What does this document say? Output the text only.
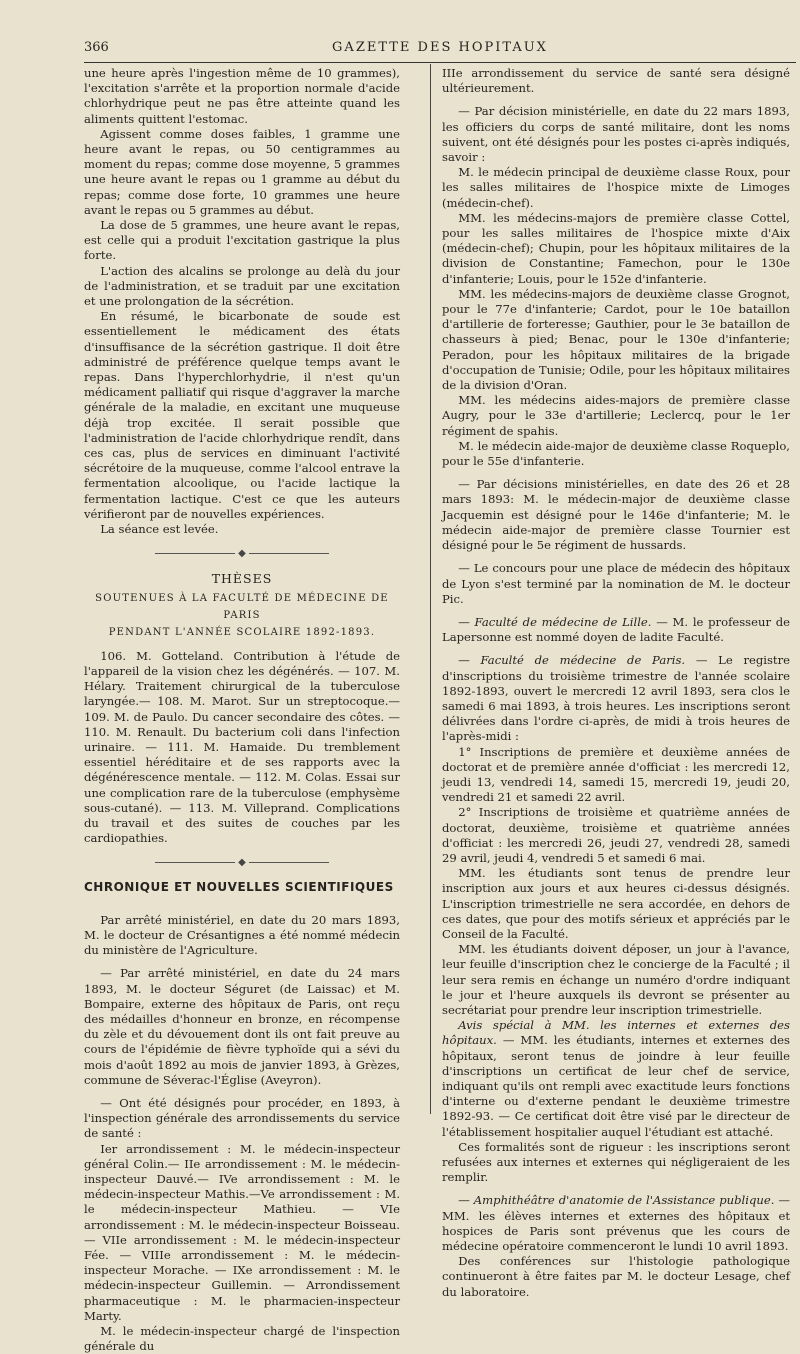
366	GAZETTE DES HOPITAUX

une heure après l'ingestion même de 10 grammes), l'excitation s'arrête et la proportion normale d'acide chlorhydrique peut ne pas être atteinte quand les aliments quittent l'estomac.

Agissent comme doses faibles, 1 gramme une heure avant le repas, ou 50 centigrammes au moment du repas; comme dose moyenne, 5 grammes une heure avant le repas ou 1 gramme au début du repas; comme dose forte, 10 grammes une heure avant le repas ou 5 grammes au début.

La dose de 5 grammes, une heure avant le repas, est celle qui a produit l'excitation gastrique la plus forte.

L'action des alcalins se prolonge au delà du jour de l'administration, et se traduit par une excitation et une prolongation de la sécrétion.

En résumé, le bicarbonate de soude est essentiellement le médicament des états d'insuffisance de la sécrétion gastrique. Il doit être administré de préférence quelque temps avant le repas. Dans l'hyperchlorhydrie, il n'est qu'un médicament palliatif qui risque d'aggraver la marche générale de la maladie, en excitant une muqueuse déjà trop excitée. Il serait possible que l'administration de l'acide chlorhydrique rendît, dans ces cas, plus de services en diminuant l'activité sécrétoire de la muqueuse, comme l'alcool entrave la fermentation alcoolique, ou l'acide lactique la fermentation lactique. C'est ce que les auteurs vérifieront par de nouvelles expériences.

La séance est levée.

◆
THÈSES
SOUTENUES À LA FACULTÉ DE MÉDECINE DE PARIS
PENDANT L'ANNÉE SCOLAIRE 1892-1893.

106. M. Gotteland. Contribution à l'étude de l'appareil de la vision chez les dégénérés. — 107. M. Hélary. Traitement chirurgical de la tuberculose laryngée.— 108. M. Marot. Sur un streptocoque.— 109. M. de Paulo. Du cancer secondaire des côtes. — 110. M. Renault. Du bacterium coli dans l'infection urinaire. — 111. M. Hamaide. Du tremblement essentiel héréditaire et de ses rapports avec la dégénérescence mentale. — 112. M. Colas. Essai sur une complication rare de la tuberculose (emphysème sous-cutané). — 113. M. Villeprand. Complications du travail et des suites de couches par les cardiopathies.

◆
CHRONIQUE ET NOUVELLES SCIENTIFIQUES

Par arrêté ministériel, en date du 20 mars 1893, M. le docteur de Crésantignes a été nommé médecin du ministère de l'Agriculture.

— Par arrêté ministériel, en date du 24 mars 1893, M. le docteur Séguret (de Laissac) et M. Bompaire, externe des hôpitaux de Paris, ont reçu des médailles d'honneur en bronze, en récompense du zèle et du dévouement dont ils ont fait preuve au cours de l'épidémie de fièvre typhoïde qui a sévi du mois d'août 1892 au mois de janvier 1893, à Grèzes, commune de Séverac-l'Église (Aveyron).

— Ont été désignés pour procéder, en 1893, à l'inspection générale des arrondissements du service de santé :

Ier arrondissement : M. le médecin-inspecteur général Colin.— IIe arrondissement : M. le médecin-inspecteur Dauvé.— IVe arrondissement : M. le médecin-inspecteur Mathis.—Ve arrondissement : M. le médecin-inspecteur Mathieu. — VIe arrondissement : M. le médecin-inspecteur Boisseau. — VIIe arrondissement : M. le médecin-inspecteur Fée. — VIIIe arrondissement : M. le médecin-inspecteur Morache. — IXe arrondissement : M. le médecin-inspecteur Guillemin. — Arrondissement pharmaceutique : M. le pharmacien-inspecteur Marty.

M. le médecin-inspecteur chargé de l'inspection générale du

IIIe arrondissement du service de santé sera désigné ultérieurement.

— Par décision ministérielle, en date du 22 mars 1893, les officiers du corps de santé militaire, dont les noms suivent, ont été désignés pour les postes ci-après indiqués, savoir :

M. le médecin principal de deuxième classe Roux, pour les salles militaires de l'hospice mixte de Limoges (médecin-chef).

MM. les médecins-majors de première classe Cottel, pour les salles militaires de l'hospice mixte d'Aix (médecin-chef); Chupin, pour les hôpitaux militaires de la division de Constantine; Famechon, pour le 130e d'infanterie; Louis, pour le 152e d'infanterie.

MM. les médecins-majors de deuxième classe Grognot, pour le 77e d'infanterie; Cardot, pour le 10e bataillon d'artillerie de forteresse; Gauthier, pour le 3e bataillon de chasseurs à pied; Benac, pour le 130e d'infanterie; Peradon, pour les hôpitaux militaires de la brigade d'occupation de Tunisie; Odile, pour les hôpitaux militaires de la division d'Oran.

MM. les médecins aides-majors de première classe Augry, pour le 33e d'artillerie; Leclercq, pour le 1er régiment de spahis.

M. le médecin aide-major de deuxième classe Roqueplo, pour le 55e d'infanterie.

— Par décisions ministérielles, en date des 26 et 28 mars 1893: M. le médecin-major de deuxième classe Jacquemin est désigné pour le 146e d'infanterie; M. le médecin aide-major de première classe Tournier est désigné pour le 5e régiment de hussards.

— Le concours pour une place de médecin des hôpitaux de Lyon s'est terminé par la nomination de M. le docteur Pic.

— Faculté de médecine de Lille. — M. le professeur de Lapersonne est nommé doyen de ladite Faculté.

— Faculté de médecine de Paris. — Le registre d'inscriptions du troisième trimestre de l'année scolaire 1892-1893, ouvert le mercredi 12 avril 1893, sera clos le samedi 6 mai 1893, à trois heures. Les inscriptions seront délivrées dans l'ordre ci-après, de midi à trois heures de l'après-midi :

1° Inscriptions de première et deuxième années de doctorat et de première année d'officiat : les mercredi 12, jeudi 13, vendredi 14, samedi 15, mercredi 19, jeudi 20, vendredi 21 et samedi 22 avril.

2° Inscriptions de troisième et quatrième années de doctorat, deuxième, troisième et quatrième années d'officiat : les mercredi 26, jeudi 27, vendredi 28, samedi 29 avril, jeudi 4, vendredi 5 et samedi 6 mai.

MM. les étudiants sont tenus de prendre leur inscription aux jours et aux heures ci-dessus désignés. L'inscription trimestrielle ne sera accordée, en dehors de ces dates, que pour des motifs sérieux et appréciés par le Conseil de la Faculté.

MM. les étudiants doivent déposer, un jour à l'avance, leur feuille d'inscription chez le concierge de la Faculté ; il leur sera remis en échange un numéro d'ordre indiquant le jour et l'heure auxquels ils devront se présenter au secrétariat pour prendre leur inscription trimestrielle.

Avis spécial à MM. les internes et externes des hôpitaux. — MM. les étudiants, internes et externes des hôpitaux, seront tenus de joindre à leur feuille d'inscriptions un certificat de leur chef de service, indiquant qu'ils ont rempli avec exactitude leurs fonctions d'interne ou d'externe pendant le deuxième trimestre 1892-93. — Ce certificat doit être visé par le directeur de l'établissement hospitalier auquel l'étudiant est attaché.

Ces formalités sont de rigueur : les inscriptions seront refusées aux internes et externes qui négligeraient de les remplir.

— Amphithéâtre d'anatomie de l'Assistance publique. — MM. les élèves internes et externes des hôpitaux et hospices de Paris sont prévenus que les cours de médecine opératoire commenceront le lundi 10 avril 1893.

Des conférences sur l'histologie pathologique continueront à être faites par M. le docteur Lesage, chef du laboratoire.
